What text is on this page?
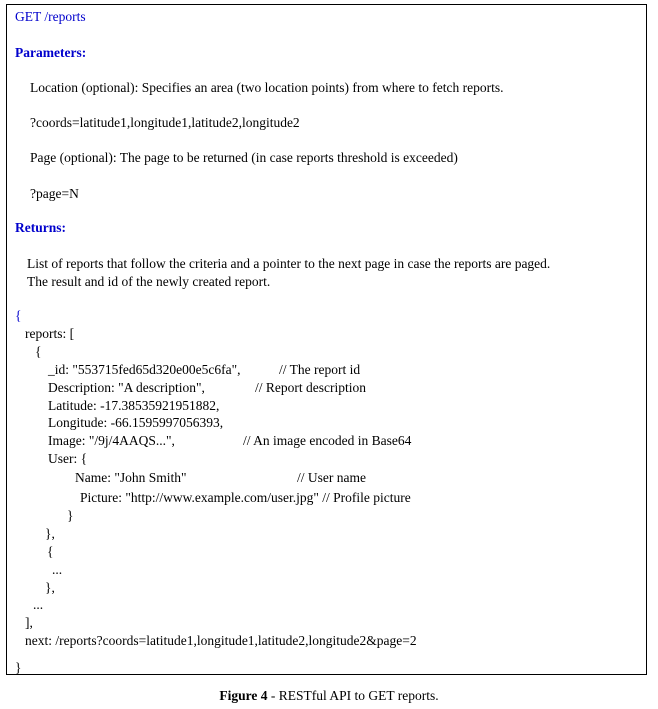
GET /reports
Parameters:
Location (optional): Specifies an area (two location points) from where to fetch reports.
?coords=latitude1,longitude1,latitude2,longitude2
Page (optional): The page to be returned (in case reports threshold is exceeded)
?page=N
Returns:
List of reports that follow the criteria and a pointer to the next page in case the reports are paged.
The result and id of the newly created report.
{
reports: [
{
_id: "553715fed65d320e00e5c6fa",	// The report id
Description: "A description",	// Report description
Latitude: -17.38535921951882,
Longitude: -66.1595997056393,
Image: "/9j/4AAQS...",	// An image encoded in Base64
User: {
Name: "John Smith"	// User name
Picture: "http://www.example.com/user.jpg" // Profile picture
}
},
{
...
},
...
],
next: /reports?coords=latitude1,longitude1,latitude2,longitude2&page=2
}
Figure 4 - RESTful API to GET reports.
